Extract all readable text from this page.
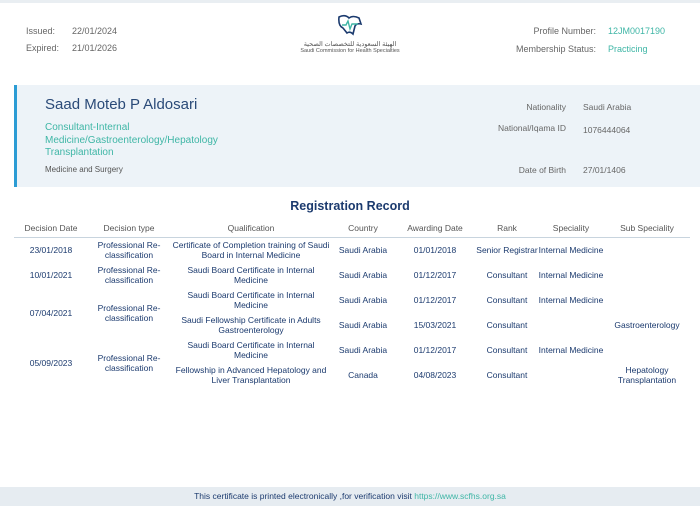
Issued:	22/01/2024
Expired:	21/01/2026	الهيئة السعودية للتخصصات الصحية
Saudi Commission for Health Specialties
Profile Number: 12JM0017190
Membership Status: Practicing
Saad Moteb P Aldosari
Consultant-Internal Medicine/Gastroenterology/Hepatology Transplantation
Medicine and Surgery
Nationality Saudi Arabia
National/Iqama ID 1076444064
Date of Birth 27/01/1406
Registration Record
Decision Date	Decision type	Qualification	Country	Awarding Date	Rank	Speciality	Sub Speciality
23/01/2018	Professional Re-classification	Certificate of Completion training of Saudi Board in Internal Medicine	Saudi Arabia	01/01/2018	Senior Registrar	Internal Medicine	
10/01/2021	Professional Re-classification	Saudi Board Certificate in Internal Medicine	Saudi Arabia	01/12/2017	Consultant	Internal Medicine	
07/04/2021	Professional Re-classification	Saudi Board Certificate in Internal Medicine	Saudi Arabia	01/12/2017	Consultant	Internal Medicine	
		Saudi Fellowship Certificate in Adults Gastroenterology	Saudi Arabia	15/03/2021	Consultant		Gastroenterology
05/09/2023	Professional Re-classification	Saudi Board Certificate in Internal Medicine	Saudi Arabia	01/12/2017	Consultant	Internal Medicine	
		Fellowship in Advanced Hepatology and Liver Transplantation	Canada	04/08/2023	Consultant		Hepatology Transplantation
This certificate is printed electronically ,for verification visit https://www.scfhs.org.sa
